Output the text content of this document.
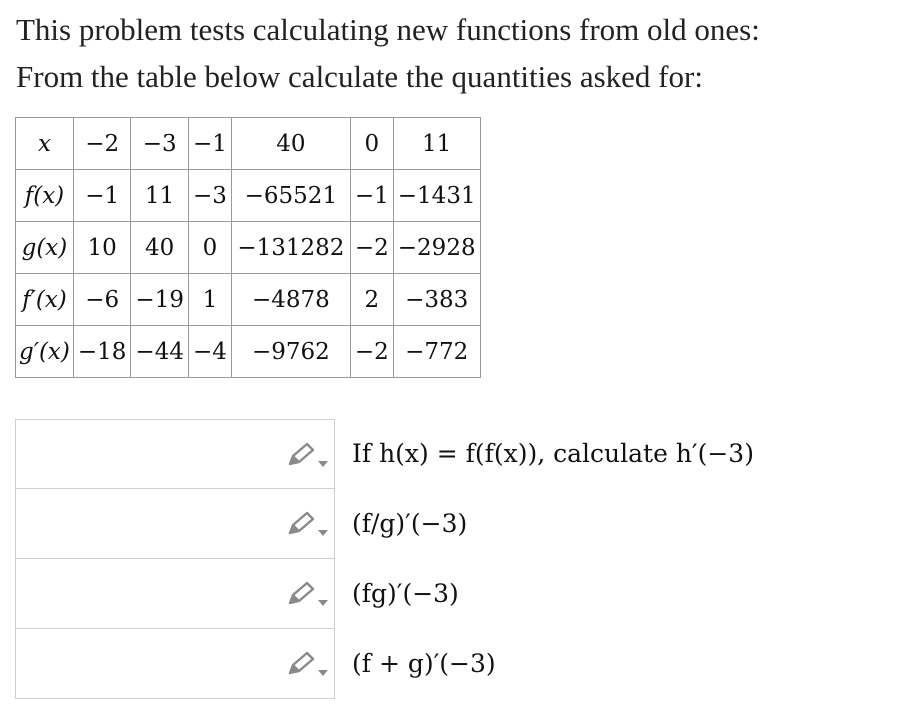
This problem tests calculating new functions from old ones:

From the table below calculate the quantities asked for:

x	−2	−3	−1	40	0	11
f(x)	−1	11	−3	−65521	−1	−1431
g(x)	10	40	0	−131282	−2	−2928
f′(x)	−6	−19	1	−4878	2	−383
g′(x)	−18	−44	−4	−9762	−2	−772
If h(x) = f(f(x)), calculate h′(−3)
(f/g)′(−3)
(fg)′(−3)
(f + g)′(−3)
